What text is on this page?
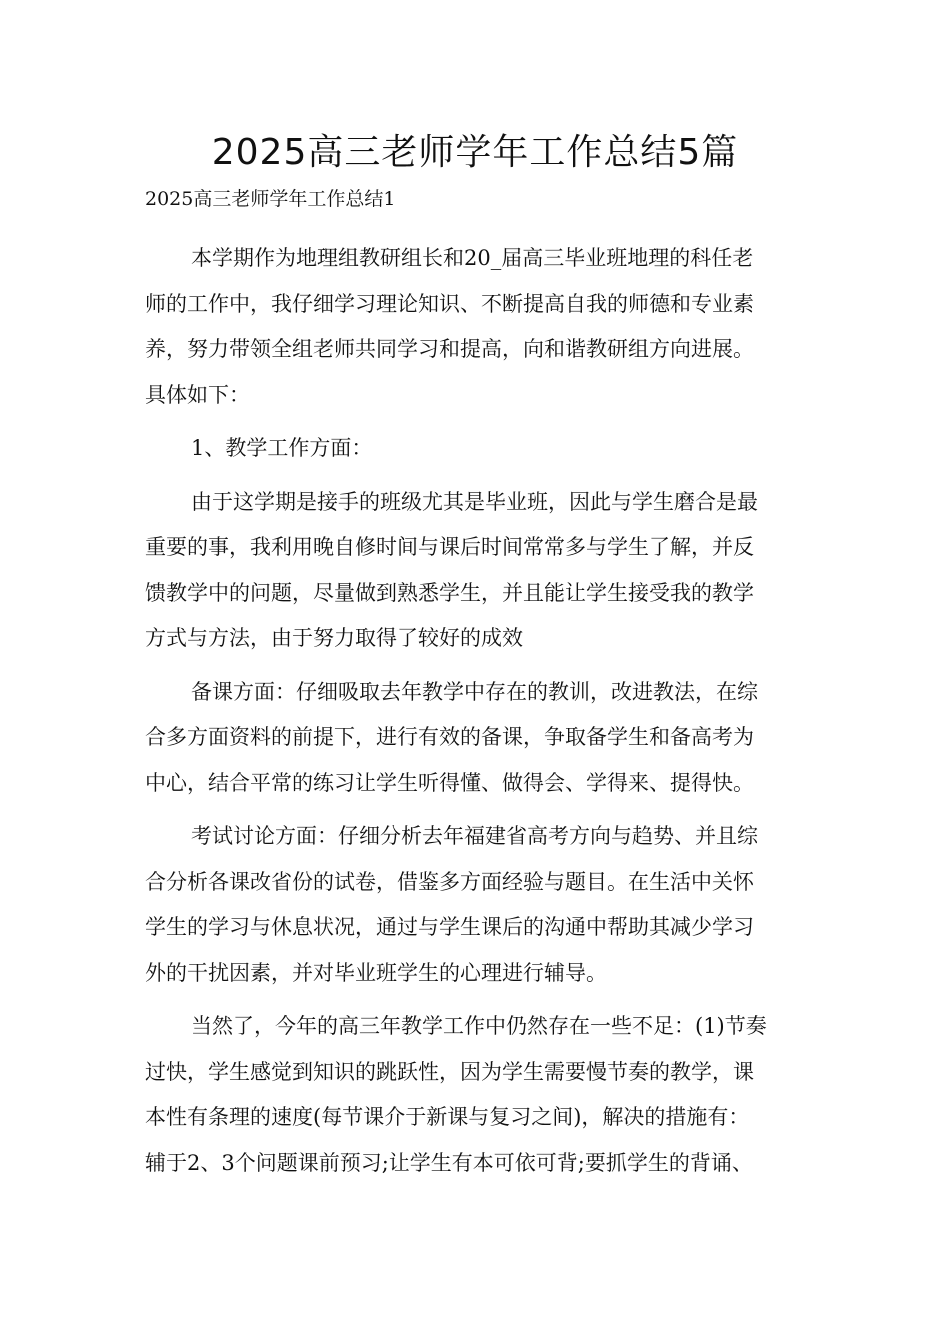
2025高三老师学年工作总结5篇

2025高三老师学年工作总结1

本学期作为地理组教研组长和20_届高三毕业班地理的科任老
师的工作中，我仔细学习理论知识、不断提高自我的师德和专业素
养，努力带领全组老师共同学习和提高，向和谐教研组方向进展。
具体如下：

1、教学工作方面：

由于这学期是接手的班级尤其是毕业班，因此与学生磨合是最
重要的事，我利用晚自修时间与课后时间常常多与学生了解，并反
馈教学中的问题，尽量做到熟悉学生，并且能让学生接受我的教学
方式与方法，由于努力取得了较好的成效

备课方面：仔细吸取去年教学中存在的教训，改进教法，在综
合多方面资料的前提下，进行有效的备课，争取备学生和备高考为
中心，结合平常的练习让学生听得懂、做得会、学得来、提得快。

考试讨论方面：仔细分析去年福建省高考方向与趋势、并且综
合分析各课改省份的试卷，借鉴多方面经验与题目。在生活中关怀
学生的学习与休息状况，通过与学生课后的沟通中帮助其减少学习
外的干扰因素，并对毕业班学生的心理进行辅导。

当然了，今年的高三年教学工作中仍然存在一些不足：(1)节奏
过快，学生感觉到知识的跳跃性，因为学生需要慢节奏的教学，课
本性有条理的速度(每节课介于新课与复习之间)，解决的措施有：
辅于2、3个问题课前预习;让学生有本可依可背;要抓学生的背诵、
